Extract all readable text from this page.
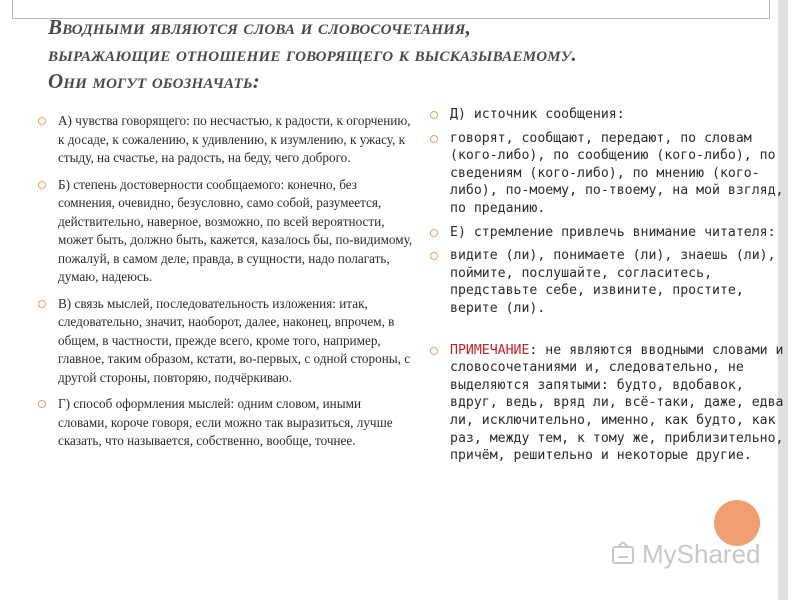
Вводными являются слова и словосочетания,
выражающие отношение говорящего к высказываемому.
Они могут обозначать:
А) чувства говорящего: по несчастью, к радости, к огорчению, к досаде, к сожалению, к удивлению, к изумлению, к ужасу, к стыду, на счастье, на радость, на беду, чего доброго.
Б) степень достоверности сообщаемого: конечно, без сомнения, очевидно, безусловно, само собой, разумеется, действительно, наверное, возможно, по всей вероятности, может быть, должно быть, кажется, казалось бы, по-видимому, пожалуй, в самом деле, правда, в сущности, надо полагать, думаю, надеюсь.
В) связь мыслей, последовательность изложения: итак, следовательно, значит, наоборот, далее, наконец, впрочем, в общем, в частности, прежде всего, кроме того, например, главное, таким образом, кстати, во-первых, с одной стороны, с другой стороны, повторяю, подчёркиваю.
Г) способ оформления мыслей: одним словом, иными словами, короче говоря, если можно так выразиться, лучше сказать, что называется, собственно, вообще, точнее.
Д) источник сообщения:
говорят, сообщают, передают, по словам (кого-либо), по сообщению (кого-либо), по сведениям (кого-либо), по мнению (кого-либо), по-моему, по-твоему, на мой взгляд, по преданию.
Е) стремление привлечь внимание читателя:
видите (ли), понимаете (ли), знаешь (ли), поймите, послушайте, согласитесь, представьте себе, извините, простите, верите (ли).
ПРИМЕЧАНИЕ: не являются вводными словами и словосочетаниями и, следовательно, не выделяются запятыми: будто, вдобавок, вдруг, ведь, вряд ли, всё-таки, даже, едва ли, исключительно, именно, как будто, как раз, между тем, к тому же, приблизительно, причём, решительно и некоторые другие.
MyShared
